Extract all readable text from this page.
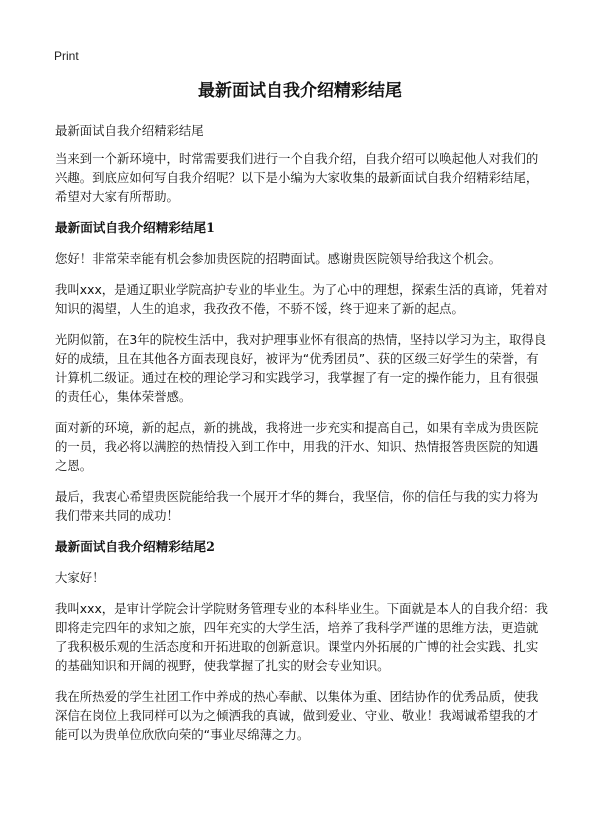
Print
最新面试自我介绍精彩结尾

最新面试自我介绍精彩结尾

当来到一个新环境中，时常需要我们进行一个自我介绍，自我介绍可以唤起他人对我们的兴趣。到底应如何写自我介绍呢？以下是小编为大家收集的最新面试自我介绍精彩结尾，希望对大家有所帮助。

最新面试自我介绍精彩结尾1

您好！非常荣幸能有机会参加贵医院的招聘面试。感谢贵医院领导给我这个机会。

我叫xxx，是通辽职业学院高护专业的毕业生。为了心中的理想，探索生活的真谛，凭着对知识的渴望，人生的追求，我孜孜不倦，不骄不馁，终于迎来了新的起点。

光阴似箭，在3年的院校生活中，我对护理事业怀有很高的热情，坚持以学习为主，取得良好的成绩，且在其他各方面表现良好，被评为“优秀团员”、获的区级三好学生的荣誉，有计算机二级证。通过在校的理论学习和实践学习，我掌握了有一定的操作能力，且有很强的责任心，集体荣誉感。

面对新的环境，新的起点，新的挑战，我将进一步充实和提高自己，如果有幸成为贵医院的一员，我必将以满腔的热情投入到工作中，用我的汗水、知识、热情报答贵医院的知遇之恩。

最后，我衷心希望贵医院能给我一个展开才华的舞台，我坚信，你的信任与我的实力将为我们带来共同的成功！

最新面试自我介绍精彩结尾2

大家好！

我叫xxx，是审计学院会计学院财务管理专业的本科毕业生。下面就是本人的自我介绍：我即将走完四年的求知之旅，四年充实的大学生活，培养了我科学严谨的思维方法，更造就了我积极乐观的生活态度和开拓进取的创新意识。课堂内外拓展的广博的社会实践、扎实的基础知识和开阔的视野，使我掌握了扎实的财会专业知识。

我在所热爱的学生社团工作中养成的热心奉献、以集体为重、团结协作的优秀品质，使我深信在岗位上我同样可以为之倾洒我的真诚，做到爱业、守业、敬业！我竭诚希望我的才能可以为贵单位欣欣向荣的“事业尽绵薄之力。
